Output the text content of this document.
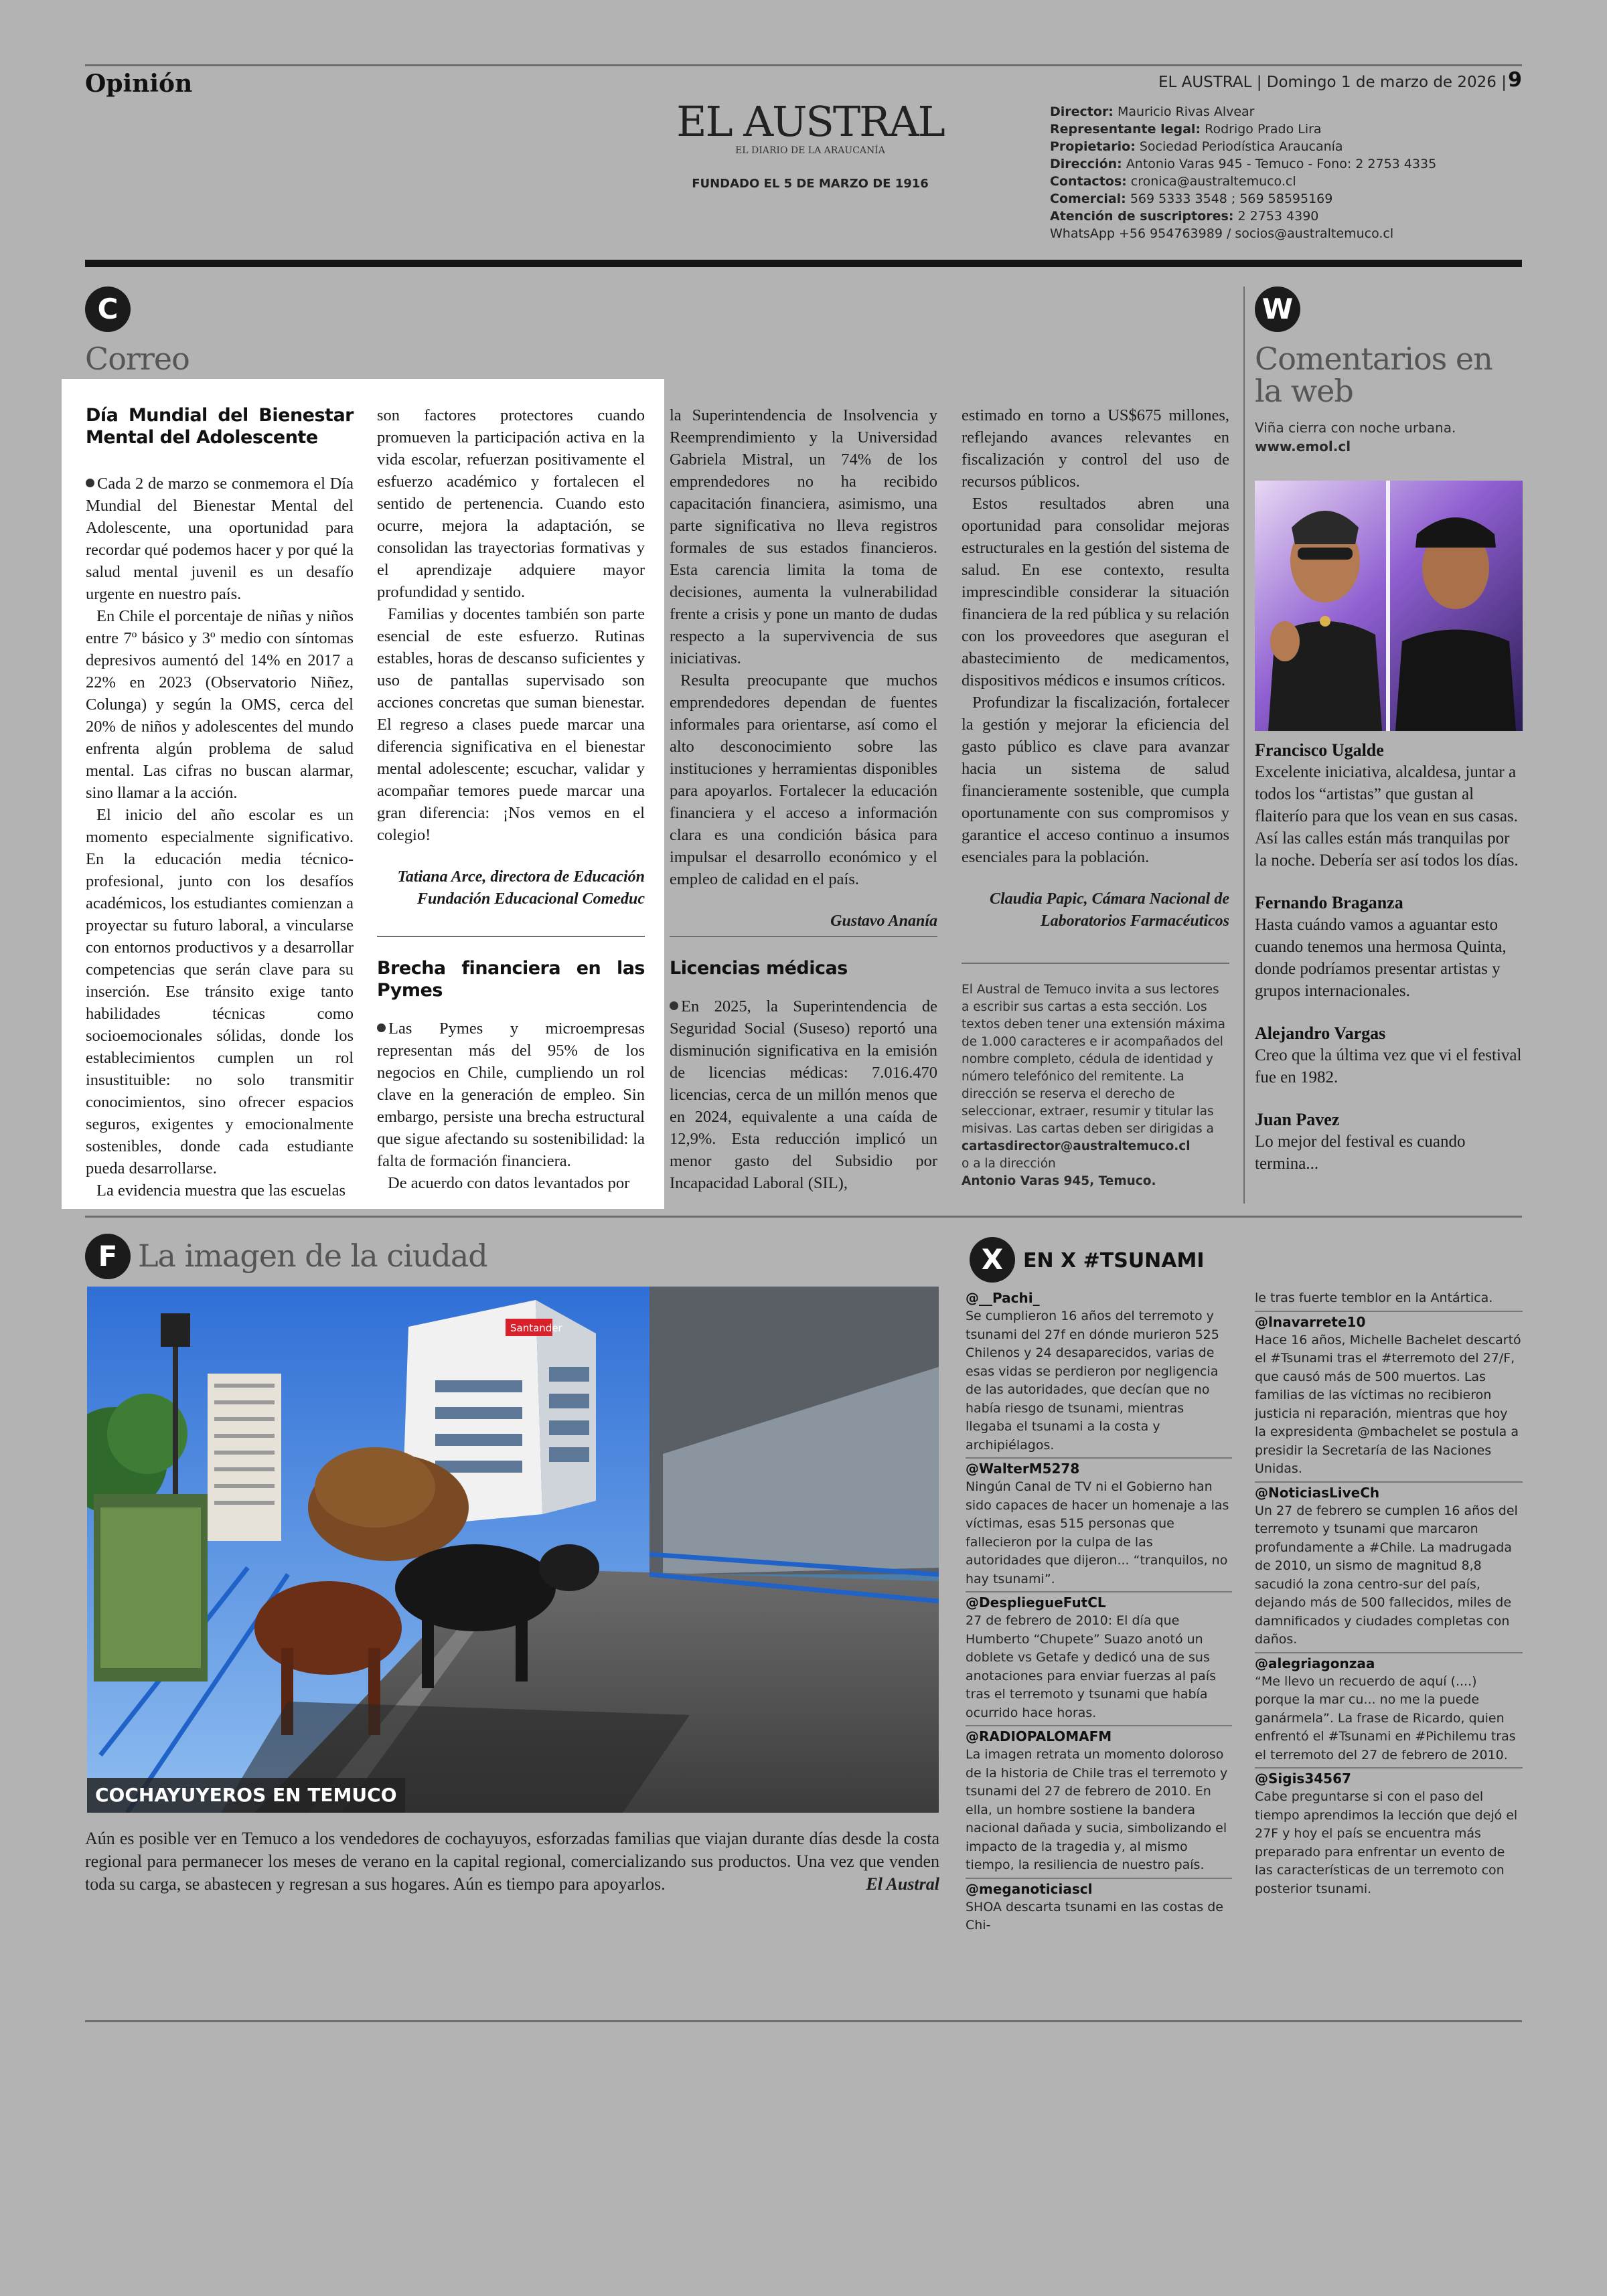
Opinión	EL AUSTRAL | Domingo 1 de marzo de 2026 | 9
EL AUSTRAL
EL DIARIO DE LA ARAUCANÍA
FUNDADO EL 5 DE MARZO DE 1916
Director: Mauricio Rivas Alvear
Representante legal: Rodrigo Prado Lira
Propietario: Sociedad Periodística Araucanía
Dirección: Antonio Varas 945 - Temuco - Fono: 2 2753 4335
Contactos: cronica@australtemuco.cl
Comercial: 569 5333 3548 ; 569 58595169
Atención de suscriptores: 2 2753 4390
WhatsApp +56 954763989 / socios@australtemuco.cl
C
Correo
Día Mundial del Bienestar Mental del Adolescente

Cada 2 de marzo se conmemora el Día Mundial del Bienestar Mental del Adolescente, una oportunidad para recordar qué podemos hacer y por qué la salud mental juvenil es un desafío urgente en nuestro país.

En Chile el porcentaje de niñas y niños entre 7º básico y 3º medio con síntomas depresivos aumentó del 14% en 2017 a 22% en 2023 (Observatorio Niñez, Colunga) y según la OMS, cerca del 20% de niños y adolescentes del mundo enfrenta algún problema de salud mental. Las cifras no buscan alarmar, sino llamar a la acción.

El inicio del año escolar es un momento especialmente significativo. En la educación media técnico-profesional, junto con los desafíos académicos, los estudiantes comienzan a proyectar su futuro laboral, a vincularse con entornos productivos y a desarrollar competencias que serán clave para su inserción. Ese tránsito exige tanto habilidades técnicas como socioemocionales sólidas, donde los establecimientos cumplen un rol insustituible: no solo transmitir conocimientos, sino ofrecer espacios seguros, exigentes y emocionalmente sostenibles, donde cada estudiante pueda desarrollarse.

La evidencia muestra que las escuelas

son factores protectores cuando promueven la participación activa en la vida escolar, refuerzan positivamente el esfuerzo académico y fortalecen el sentido de pertenencia. Cuando esto ocurre, mejora la adaptación, se consolidan las trayectorias formativas y el aprendizaje adquiere mayor profundidad y sentido.

Familias y docentes también son parte esencial de este esfuerzo. Rutinas estables, horas de descanso suficientes y uso de pantallas supervisado son acciones concretas que suman bienestar. El regreso a clases puede marcar una diferencia significativa en el bienestar mental adolescente; escuchar, validar y acompañar temores puede marcar una gran diferencia: ¡Nos vemos en el colegio!

Tatiana Arce, directora de Educación Fundación Educacional Comeduc
Brecha financiera en las Pymes

Las Pymes y microempresas representan más del 95% de los negocios en Chile, cumpliendo un rol clave en la generación de empleo. Sin embargo, persiste una brecha estructural que sigue afectando su sostenibilidad: la falta de formación financiera.

De acuerdo con datos levantados por

la Superintendencia de Insolvencia y Reemprendimiento y la Universidad Gabriela Mistral, un 74% de los emprendedores no ha recibido capacitación financiera, asimismo, una parte significativa no lleva registros formales de sus estados financieros. Esta carencia limita la toma de decisiones, aumenta la vulnerabilidad frente a crisis y pone un manto de dudas respecto a la supervivencia de sus iniciativas.

Resulta preocupante que muchos emprendedores dependan de fuentes informales para orientarse, así como el alto desconocimiento sobre las instituciones y herramientas disponibles para apoyarlos. Fortalecer la educación financiera y el acceso a información clara es una condición básica para impulsar el desarrollo económico y el empleo de calidad en el país.

Gustavo Ananía
Licencias médicas

En 2025, la Superintendencia de Seguridad Social (Suseso) reportó una disminución significativa en la emisión de licencias médicas: 7.016.470 licencias, cerca de un millón menos que en 2024, equivalente a una caída de 12,9%. Esta reducción implicó un menor gasto del Subsidio por Incapacidad Laboral (SIL),

estimado en torno a US$675 millones, reflejando avances relevantes en fiscalización y control del uso de recursos públicos.

Estos resultados abren una oportunidad para consolidar mejoras estructurales en la gestión del sistema de salud. En ese contexto, resulta imprescindible considerar la situación financiera de la red pública y su relación con los proveedores que aseguran el abastecimiento de medicamentos, dispositivos médicos e insumos críticos.

Profundizar la fiscalización, fortalecer la gestión y mejorar la eficiencia del gasto público es clave para avanzar hacia un sistema de salud financieramente sostenible, que cumpla oportunamente con sus compromisos y garantice el acceso continuo a insumos esenciales para la población.

Claudia Papic, Cámara Nacional de Laboratorios Farmacéuticos
El Austral de Temuco invita a sus lectores a escribir sus cartas a esta sección. Los textos deben tener una extensión máxima de 1.000 caracteres e ir acompañados del nombre completo, cédula de identidad y número telefónico del remitente. La dirección se reserva el derecho de seleccionar, extraer, resumir y titular las misivas. Las cartas deben ser dirigidas a
cartasdirector@australtemuco.cl
o a la dirección
Antonio Varas 945, Temuco.
W
Comentarios en la web
Viña cierra con noche urbana.
www.emol.cl
Francisco Ugalde
Excelente iniciativa, alcaldesa, juntar a todos los “artistas” que gustan al flaiterío para que los vean en sus casas. Así las calles están más tranquilas por la noche. Debería ser así todos los días.
Fernando Braganza
Hasta cuándo vamos a aguantar esto cuando tenemos una hermosa Quinta, donde podríamos presentar artistas y grupos internacionales.
Alejandro Vargas
Creo que la última vez que vi el festival fue en 1982.
Juan Pavez
Lo mejor del festival es cuando termina...
F La imagen de la ciudad
Santander
COCHAYUYEROS EN TEMUCO
Aún es posible ver en Temuco a los vendedores de cochayuyos, esforzadas familias que viajan durante días desde la costa regional para permanecer los meses de verano en la capital regional, comercializando sus productos. Una vez que venden toda su carga, se abastecen y regresan a sus hogares. Aún es tiempo para apoyarlos.	El Austral
X EN X #TSUNAMI
@__Pachi_
Se cumplieron 16 años del terremoto y tsunami del 27f en dónde murieron 525 Chilenos y 24 desaparecidos, varias de esas vidas se perdieron por negligencia de las autoridades, que decían que no había riesgo de tsunami, mientras llegaba el tsunami a la costa y archipiélagos.
@WalterM5278
Ningún Canal de TV ni el Gobierno han sido capaces de hacer un homenaje a las víctimas, esas 515 personas que fallecieron por la culpa de las autoridades que dijeron... “tranquilos, no hay tsunami”.
@DespliegueFutCL
27 de febrero de 2010: El día que Humberto “Chupete” Suazo anotó un doblete vs Getafe y dedicó una de sus anotaciones para enviar fuerzas al país tras el terremoto y tsunami que había ocurrido hace horas.
@RADIOPALOMAFM
La imagen retrata un momento doloroso de la historia de Chile tras el terremoto y tsunami del 27 de febrero de 2010. En ella, un hombre sostiene la bandera nacional dañada y sucia, simbolizando el impacto de la tragedia y, al mismo tiempo, la resiliencia de nuestro país.
@meganoticiascl
SHOA descarta tsunami en las costas de Chi-
le tras fuerte temblor en la Antártica.
@lnavarrete10
Hace 16 años, Michelle Bachelet descartó el #Tsunami tras el #terremoto del 27/F, que causó más de 500 muertos. Las familias de las víctimas no recibieron justicia ni reparación, mientras que hoy la expresidenta @mbachelet se postula a presidir la Secretaría de las Naciones Unidas.
@NoticiasLiveCh
Un 27 de febrero se cumplen 16 años del terremoto y tsunami que marcaron profundamente a #Chile. La madrugada de 2010, un sismo de magnitud 8,8 sacudió la zona centro-sur del país, dejando más de 500 fallecidos, miles de damnificados y ciudades completas con daños.
@alegriagonzaa
“Me llevo un recuerdo de aquí (....) porque la mar cu... no me la puede ganármela”. La frase de Ricardo, quien enfrentó el #Tsunami en #Pichilemu tras el terremoto del 27 de febrero de 2010.
@Sigis34567
Cabe preguntarse si con el paso del tiempo aprendimos la lección que dejó el 27F y hoy el país se encuentra más preparado para enfrentar un evento de las características de un terremoto con posterior tsunami.
